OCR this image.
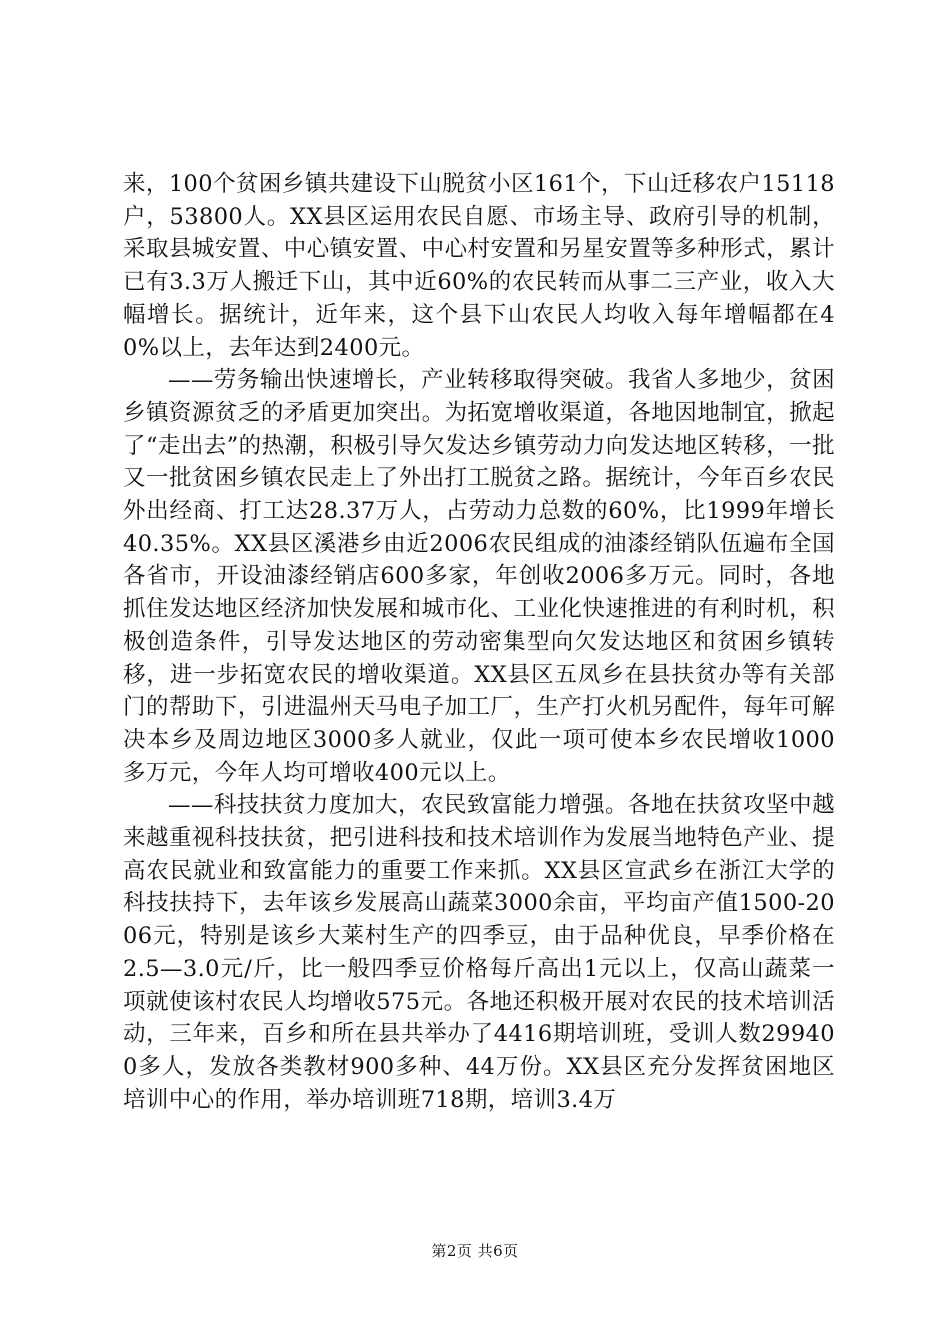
来，100个贫困乡镇共建设下山脱贫小区161个，下山迁移农户15118户，53800人。XX县区运用农民自愿、市场主导、政府引导的机制，采取县城安置、中心镇安置、中心村安置和另星安置等多种形式，累计已有3.3万人搬迁下山，其中近60%的农民转而从事二三产业，收入大幅增长。据统计，近年来，这个县下山农民人均收入每年增幅都在40%以上，去年达到2400元。

——劳务输出快速增长，产业转移取得突破。我省人多地少，贫困乡镇资源贫乏的矛盾更加突出。为拓宽增收渠道，各地因地制宜，掀起了“走出去”的热潮，积极引导欠发达乡镇劳动力向发达地区转移，一批又一批贫困乡镇农民走上了外出打工脱贫之路。据统计，今年百乡农民外出经商、打工达28.37万人，占劳动力总数的60%，比1999年增长40.35%。XX县区溪港乡由近2006农民组成的油漆经销队伍遍布全国各省市，开设油漆经销店600多家，年创收2006多万元。同时，各地抓住发达地区经济加快发展和城市化、工业化快速推进的有利时机，积极创造条件，引导发达地区的劳动密集型向欠发达地区和贫困乡镇转移，进一步拓宽农民的增收渠道。XX县区五凤乡在县扶贫办等有关部门的帮助下，引进温州天马电子加工厂，生产打火机另配件，每年可解决本乡及周边地区3000多人就业，仅此一项可使本乡农民增收1000多万元，今年人均可增收400元以上。

——科技扶贫力度加大，农民致富能力增强。各地在扶贫攻坚中越来越重视科技扶贫，把引进科技和技术培训作为发展当地特色产业、提高农民就业和致富能力的重要工作来抓。XX县区宣武乡在浙江大学的科技扶持下，去年该乡发展高山蔬菜3000余亩，平均亩产值1500-2006元，特别是该乡大莱村生产的四季豆，由于品种优良，早季价格在2.5—3.0元/斤，比一般四季豆价格每斤高出1元以上，仅高山蔬菜一项就使该村农民人均增收575元。各地还积极开展对农民的技术培训活动，三年来，百乡和所在县共举办了4416期培训班，受训人数299400多人，发放各类教材900多种、44万份。XX县区充分发挥贫困地区培训中心的作用，举办培训班718期，培训3.4万

第2页 共6页
